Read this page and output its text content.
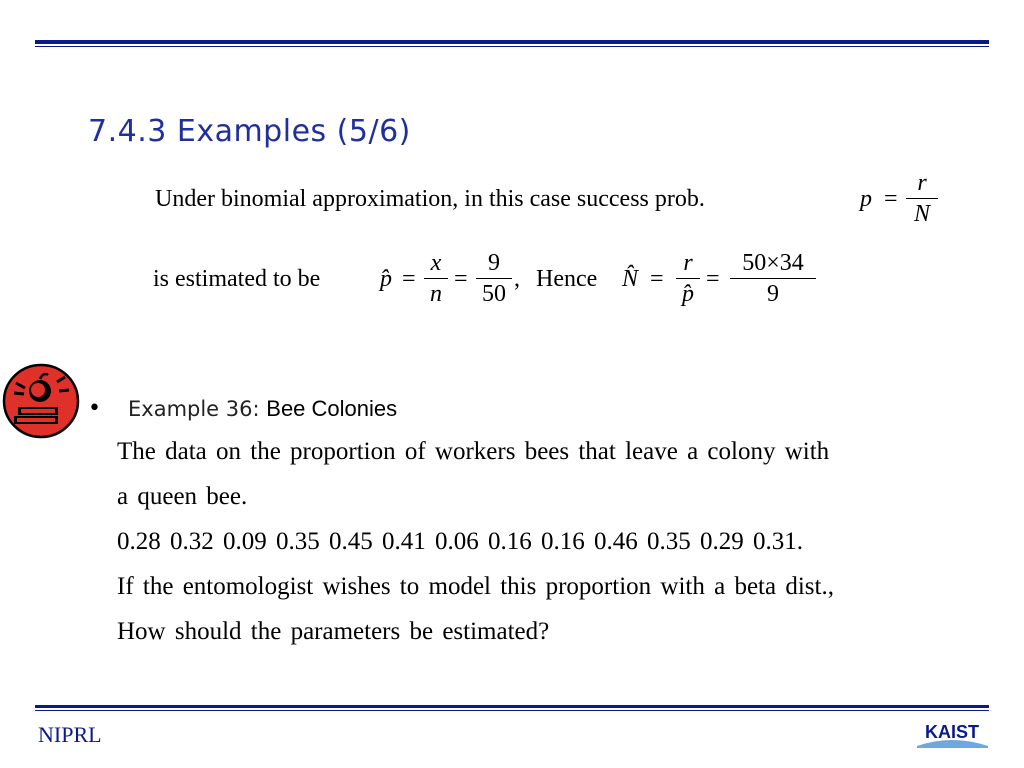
7.4.3 Examples (5/6)
Under binomial approximation, in this case success prob.	p =
r
N
is estimated to be p̂ =
x
n
=
9
50
, Hence N̂ =
r
p̂
=
50×34
9
• Example 36: Bee Colonies
The data on the proportion of workers bees that leave a colony with
a queen bee.
0.28 0.32 0.09 0.35 0.45 0.41 0.06 0.16 0.16 0.46 0.35 0.29 0.31.
If the entomologist wishes to model this proportion with a beta dist.,
How should the parameters be estimated?
NIPRL	KAIST
